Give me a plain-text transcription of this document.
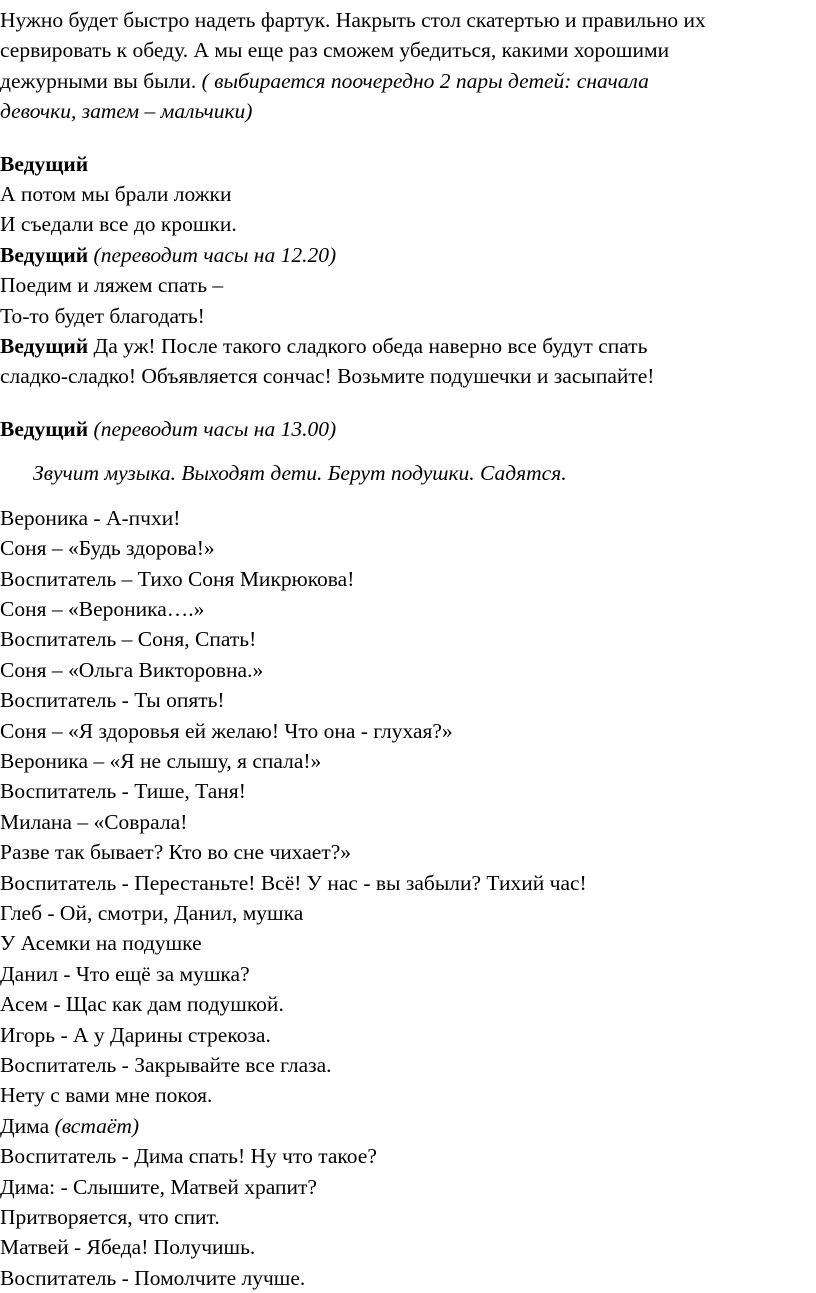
Нужно будет быстро надеть фартук. Накрыть стол скатертью и правильно их

сервировать к обеду. А мы еще раз сможем убедиться, какими хорошими

дежурными вы были. ( выбирается поочередно 2 пары детей: сначала

девочки, затем – мальчики)

Ведущий

А потом мы брали ложки

И съедали все до крошки.

Ведущий (переводит часы на 12.20)

Поедим и ляжем спать –

То-то будет благодать!

Ведущий Да уж! После такого сладкого обеда наверно все будут спать

сладко-сладко! Объявляется сончас! Возьмите подушечки и засыпайте!

Ведущий (переводит часы на 13.00)

Звучит музыка. Выходят дети. Берут подушки. Садятся.

Вероника - А-пчхи!

Соня – «Будь здорова!»

Воспитатель – Тихо Соня Микрюкова!

Соня – «Вероника….»

Воспитатель – Соня, Спать!

Соня – «Ольга Викторовна.»

Воспитатель - Ты опять!

Соня – «Я здоровья ей желаю! Что она - глухая?»

Вероника – «Я не слышу, я спала!»

Воспитатель - Тише, Таня!

Милана – «Соврала!

Разве так бывает? Кто во сне чихает?»

Воспитатель - Перестаньте! Всё! У нас - вы забыли? Тихий час!

Глеб - Ой, смотри, Данил, мушка

У Асемки на подушке

Данил - Что ещё за мушка?

Асем - Щас как дам подушкой.

Игорь - А у Дарины стрекоза.

Воспитатель - Закрывайте все глаза.

Нету с вами мне покоя.

Дима (встаёт)

Воспитатель - Дима спать! Ну что такое?

Дима: - Слышите, Матвей храпит?

Притворяется, что спит.

Матвей - Ябеда! Получишь.

Воспитатель - Помолчите лучше.
